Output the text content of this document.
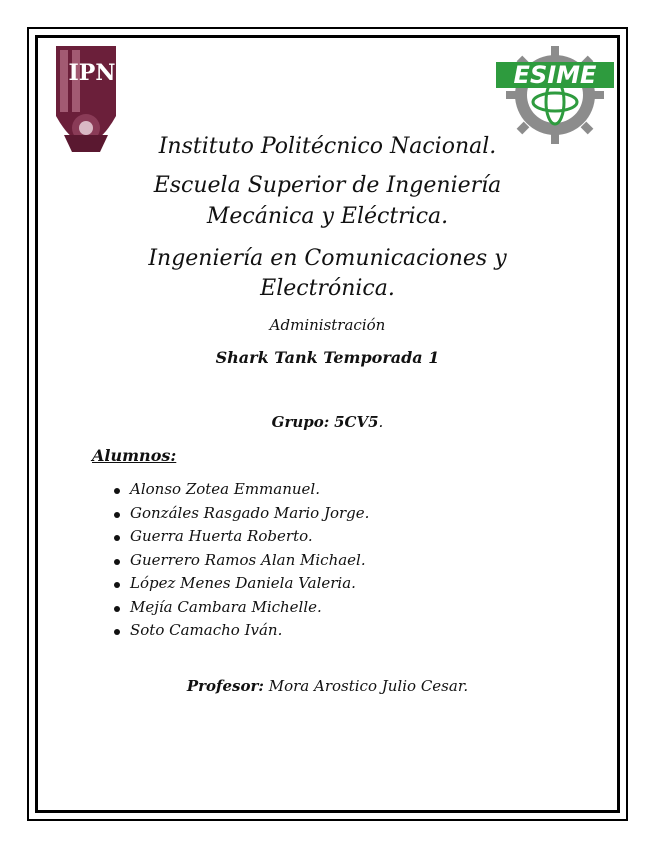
IPN	ESIME
Instituto Politécnico Nacional.
Escuela Superior de Ingeniería
Mecánica y Eléctrica.
Ingeniería en Comunicaciones y
Electrónica.
Administración
Shark Tank Temporada 1
Grupo: 5CV5.
Alumnos:
Alonso Zotea Emmanuel.
Gonzáles Rasgado Mario Jorge.
Guerra Huerta Roberto.
Guerrero Ramos Alan Michael.
López Menes Daniela Valeria.
Mejía Cambara Michelle.
Soto Camacho Iván.
Profesor: Mora Arostico Julio Cesar.
